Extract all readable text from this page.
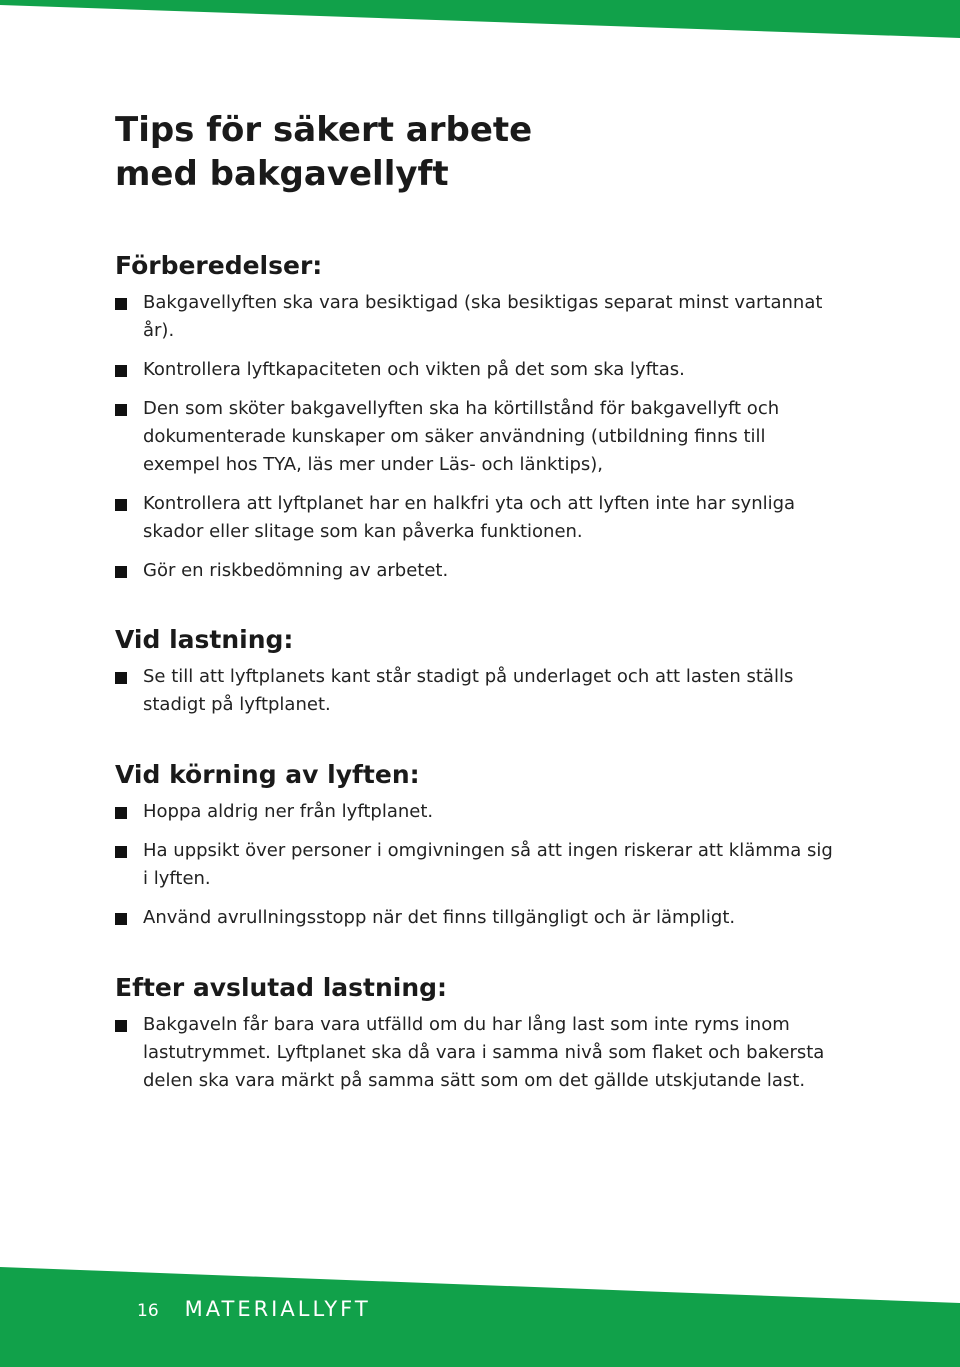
Tips för säkert arbete
med bakgavellyft
Förberedelser:
Bakgavellyften ska vara besiktigad (ska besiktigas separat minst vartannat år).
Kontrollera lyftkapaciteten och vikten på det som ska lyftas.
Den som sköter bakgavellyften ska ha körtillstånd för bakgavellyft och dokumenterade kunskaper om säker användning (utbildning finns till exempel hos TYA, läs mer under Läs- och länktips),
Kontrollera att lyftplanet har en halkfri yta och att lyften inte har synliga skador eller slitage som kan påverka funktionen.
Gör en riskbedömning av arbetet.
Vid lastning:
Se till att lyftplanets kant står stadigt på underlaget och att lasten ställs stadigt på lyftplanet.
Vid körning av lyften:
Hoppa aldrig ner från lyftplanet.
Ha uppsikt över personer i omgivningen så att ingen riskerar att klämma sig i lyften.
Använd avrullningsstopp när det finns tillgängligt och är lämpligt.
Efter avslutad lastning:
Bakgaveln får bara vara utfälld om du har lång last som inte ryms inom lastutrymmet. Lyftplanet ska då vara i samma nivå som flaket och bakersta delen ska vara märkt på samma sätt som om det gällde utskjutande last.
16 MATERIALLYFT
